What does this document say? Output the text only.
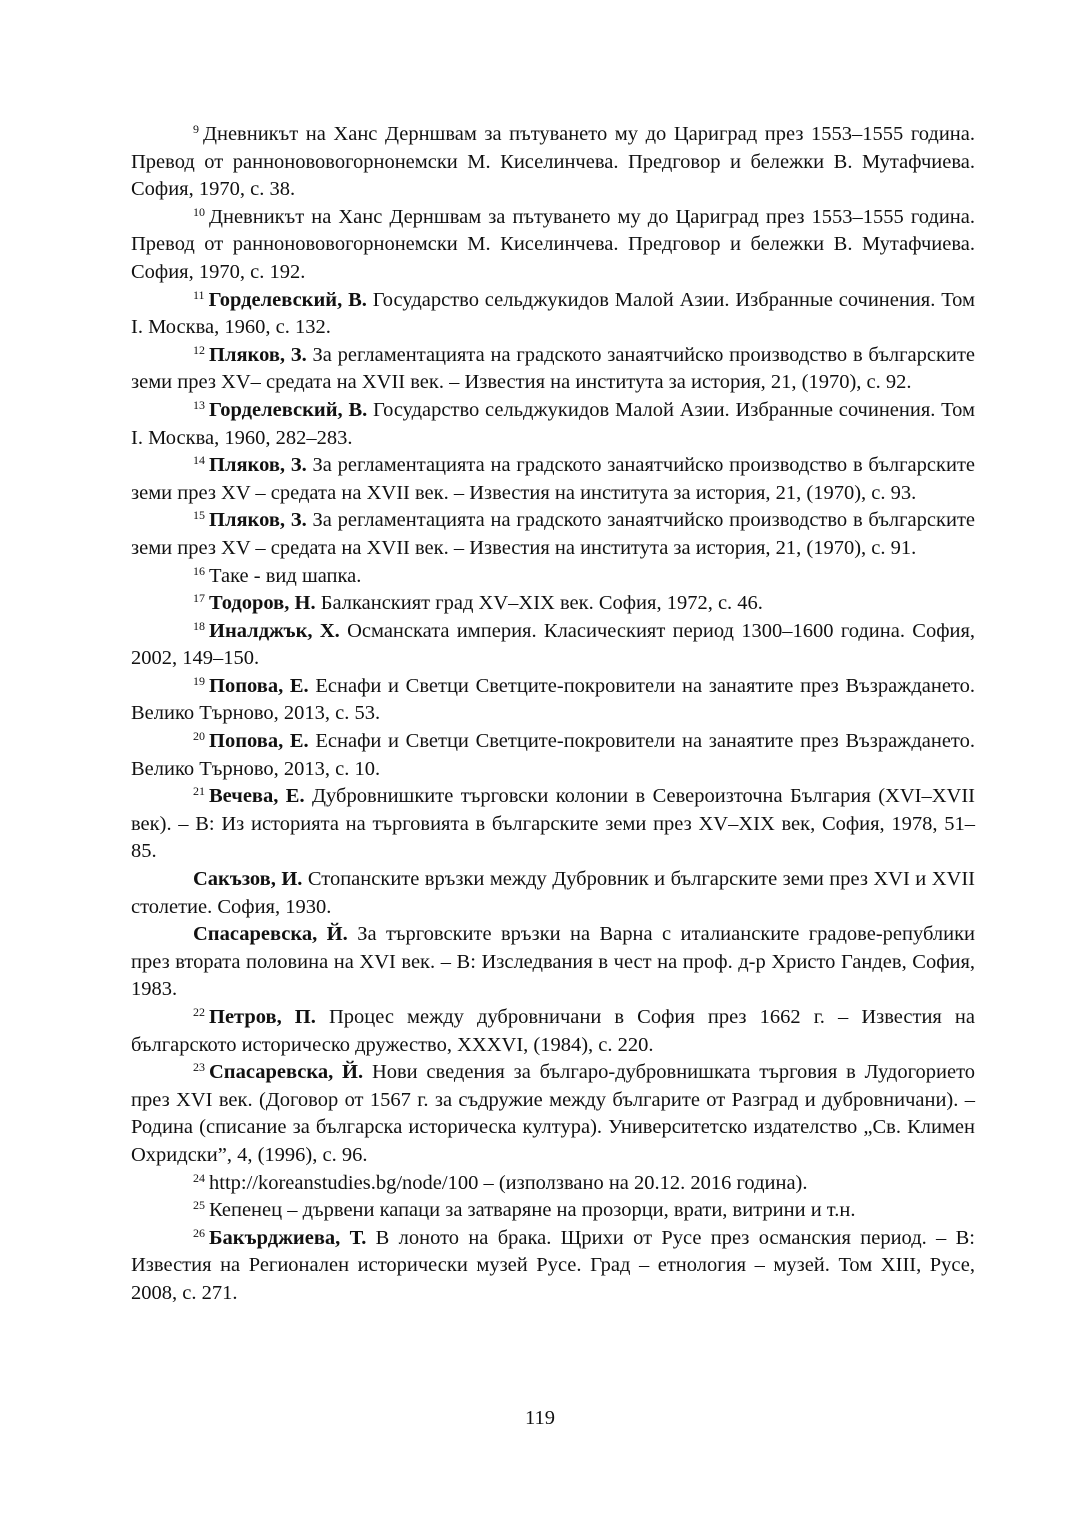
$^9$ Дневникът на Ханс Дерншвам за пътуването му до Цариград през 1553–1555 година. Превод от раннонововогорнонемски М. Киселинчева. Предговор и бележки В. Мутафчиева. София, 1970, с. 38.

$^{10}$ Дневникът на Ханс Дерншвам за пътуването му до Цариград през 1553–1555 година. Превод от раннонововогорнонемски М. Киселинчева. Предговор и бележки В. Мутафчиева. София, 1970, с. 192.

$^{11}$ Горделевский, В. Государство сельджукидов Малой Азии. Избранные сочинения. Том I. Москва, 1960, с. 132.

$^{12}$ Пляков, З. За регламентацията на градското занаятчийско производство в българските земи през XV– средата на XVII век. – Известия на института за история, 21, (1970), с. 92.

$^{13}$ Горделевский, В. Государство сельджукидов Малой Азии. Избранные сочинения. Том I. Москва, 1960, 282–283.

$^{14}$ Пляков, З. За регламентацията на градското занаятчийско производство в българските земи през XV – средата на XVII век. – Известия на института за история, 21, (1970), с. 93.

$^{15}$ Пляков, З. За регламентацията на градското занаятчийско производство в българските земи през XV – средата на XVII век. – Известия на института за история, 21, (1970), с. 91.

$^{16}$ Таке - вид шапка.

$^{17}$ Тодоров, Н. Балканският град XV–XIX век. София, 1972, с. 46.

$^{18}$ Иналджък, Х. Османската империя. Класическият период 1300–1600 година. София, 2002, 149–150.

$^{19}$ Попова, Е. Еснафи и Светци Светците-покровители на занаятите през Възраждането. Велико Търново, 2013, с. 53.

$^{20}$ Попова, Е. Еснафи и Светци Светците-покровители на занаятите през Възраждането. Велико Търново, 2013, с. 10.

$^{21}$ Вечева, Е. Дубровнишките търговски колонии в Североизточна България (XVI–XVII век). – В: Из историята на търговията в българските земи през XV–XIX век, София, 1978, 51–85.

Сакъзов, И. Стопанските връзки между Дубровник и българските земи през XVI и XVII столетие. София, 1930.

Спасаревска, Й. За търговските връзки на Варна с италианските градове-републики през втората половина на XVI век. – В: Изследвания в чест на проф. д-р Христо Гандев, София, 1983.

$^{22}$ Петров, П. Процес между дубровничани в София през 1662 г. – Известия на българското историческо дружество, XXXVI, (1984), с. 220.

$^{23}$ Спасаревска, Й. Нови сведения за българо-дубровнишката търговия в Лудогорието през XVI век. (Договор от 1567 г. за съдружие между българите от Разград и дубровничани). – Родина (списание за българска историческа култура). Университетско издателство „Св. Климен Охридски”, 4, (1996), с. 96.

$^{24}$ http://koreanstudies.bg/node/100 – (използвано на 20.12. 2016 година).

$^{25}$ Кепенец – дървени капаци за затваряне на прозорци, врати, витрини и т.н.

$^{26}$ Бакърджиева, Т. В лоното на брака. Щрихи от Русе през османския период. – В: Известия на Регионален исторически музей Русе. Град – етнология – музей. Том XIII, Русе, 2008, с. 271.

119
